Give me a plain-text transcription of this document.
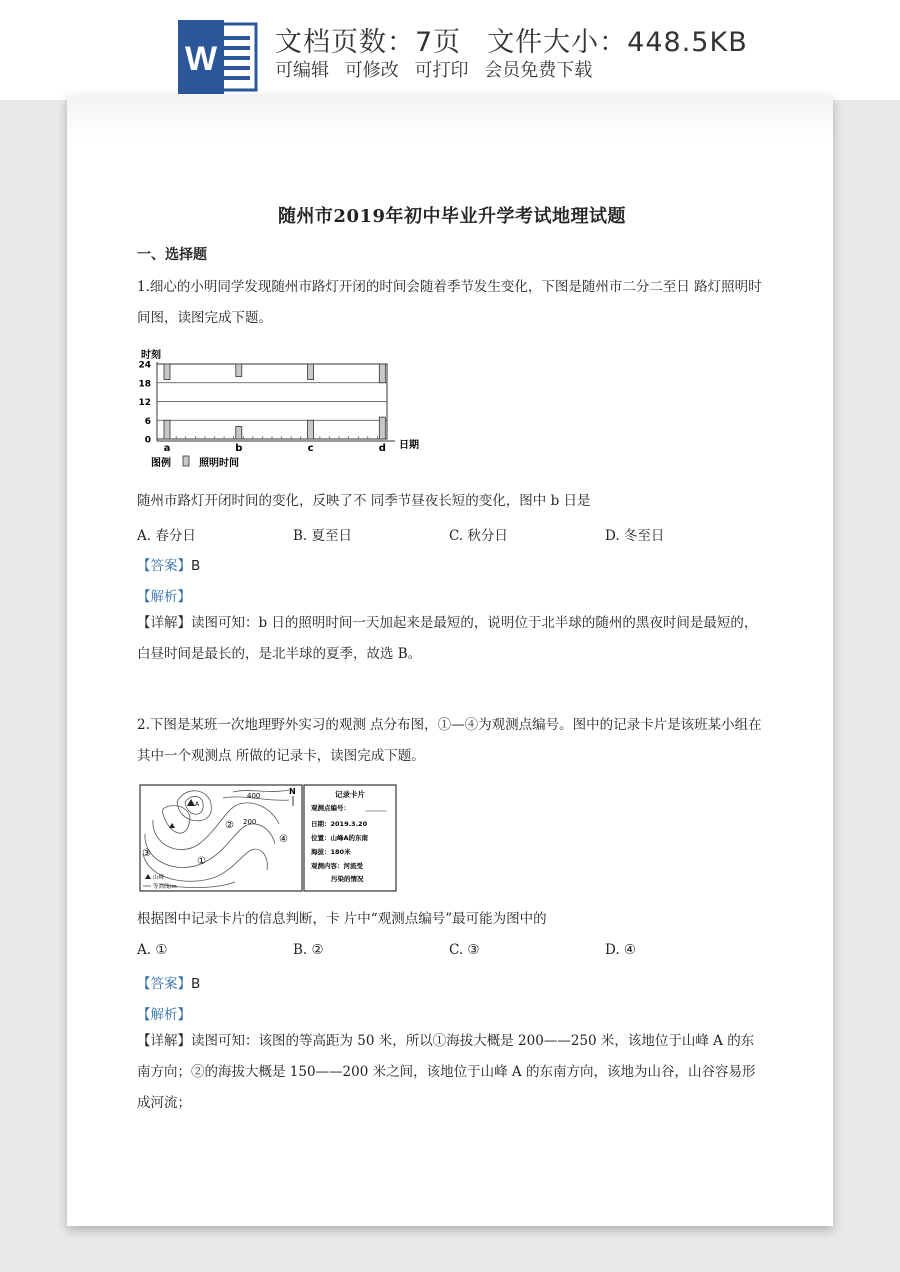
W 文档页数：7页 文件大小：448.5KB
可编辑 可修改 可打印 会员免费下载
随州市2019年初中毕业升学考试地理试题
一、选择题
1.细心的小明同学发现随州市路灯开闭的时间会随着季节发生变化，下图是随州市二分二至日 路灯照明时间图，读图完成下题。
时刻
0
6
12
18
24
a	b	c	d 日期
图例	照明时间
随州市路灯开闭时间的变化，反映了不 同季节昼夜长短的变化，图中 b 日是
A. 春分日	B. 夏至日	C. 秋分日	D. 冬至日
【答案】B
【解析】
【详解】读图可知：b 日的照明时间一天加起来是最短的，说明位于北半球的随州的黑夜时间是最短的，白昼时间是最长的，是北半球的夏季，故选 B。
2.下图是某班一次地理野外实习的观测 点分布图，①—④为观测点编号。图中的记录卡片是该班某小组在其中一个观测点 所做的记录卡，读图完成下题。
400
200
N
A
①
②
③
④
山峰
等高线/m
记录卡片
观测点编号：
日期：2019.3.20
位置：山峰A的东南
海拔：180米
观测内容：河流受
污染的情况
根据图中记录卡片的信息判断，卡 片中“观测点编号”最可能为图中的
A. ①	B. ②	C. ③	D. ④
【答案】B
【解析】
【详解】读图可知：该图的等高距为 50 米，所以①海拔大概是 200——250 米，该地位于山峰 A 的东南方向；②的海拔大概是 150——200 米之间，该地位于山峰 A 的东南方向，该地为山谷，山谷容易形成河流；
